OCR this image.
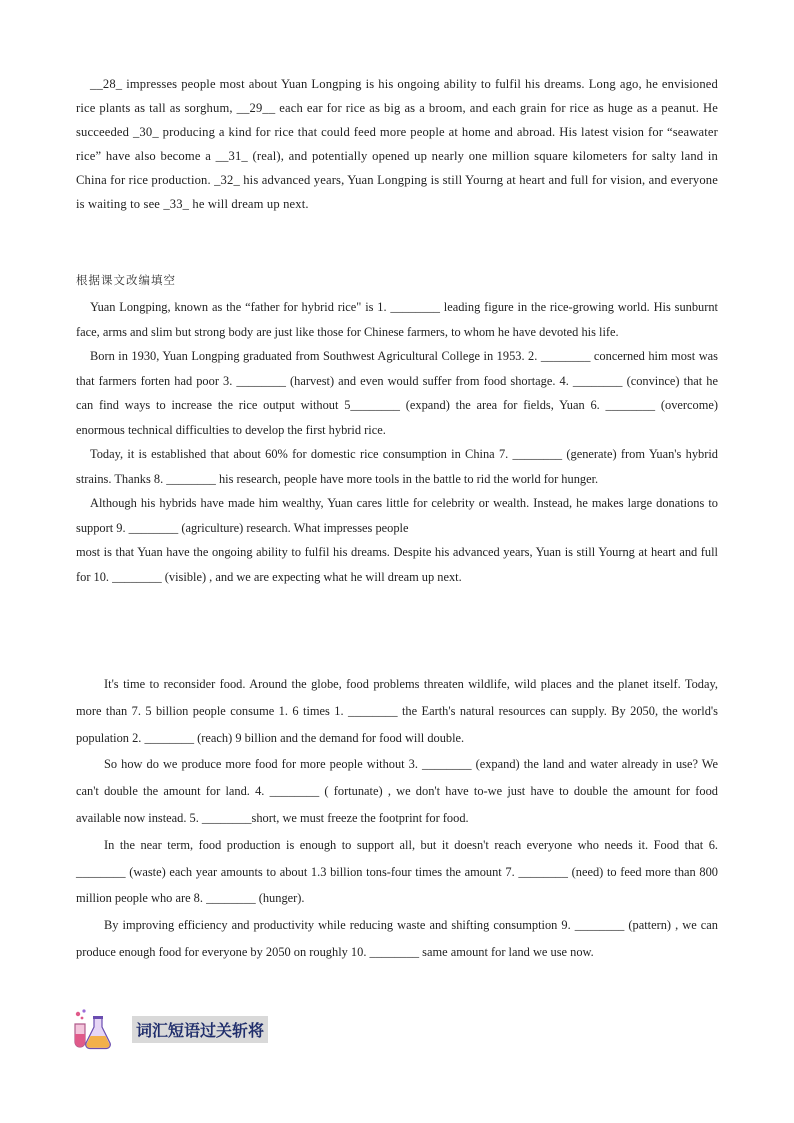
__28_ impresses people most about Yuan Longping is his ongoing ability to fulfil his dreams. Long ago, he envisioned rice plants as tall as sorghum, __29__ each ear for rice as big as a broom, and each grain for rice as huge as a peanut. He succeeded _30_ producing a kind for rice that could feed more people at home and abroad. His latest vision for “seawater rice” have also become a __31_ (real), and potentially opened up nearly one million square kilometers for salty land in China for rice production. _32_ his advanced years, Yuan Longping is still Yourng at heart and full for vision, and everyone is waiting to see _33_ he will dream up next.

根据课文改编填空

Yuan Longping, known as the “father for hybrid rice" is 1. ________ leading figure in the rice-growing world. His sunburnt face, arms and slim but strong body are just like those for Chinese farmers, to whom he have devoted his life.

Born in 1930, Yuan Longping graduated from Southwest Agricultural College in 1953. 2. ________ concerned him most was that farmers forten had poor 3. ________ (harvest) and even would suffer from food shortage. 4. ________ (convince) that he can find ways to increase the rice output without 5________ (expand) the area for fields, Yuan 6. ________ (overcome) enormous technical difficulties to develop the first hybrid rice.

Today, it is established that about 60% for domestic rice consumption in China 7. ________ (generate) from Yuan's hybrid strains. Thanks 8. ________ his research, people have more tools in the battle to rid the world for hunger.

Although his hybrids have made him wealthy, Yuan cares little for celebrity or wealth. Instead, he makes large donations to support 9. ________ (agriculture) research. What impresses people

most is that Yuan have the ongoing ability to fulfil his dreams. Despite his advanced years, Yuan is still Yourng at heart and full for 10. ________ (visible) , and we are expecting what he will dream up next.

It's time to reconsider food. Around the globe, food problems threaten wildlife, wild places and the planet itself. Today, more than 7. 5 billion people consume 1. 6 times 1. ________ the Earth's natural resources can supply. By 2050, the world's population 2. ________ (reach) 9 billion and the demand for food will double.

So how do we produce more food for more people without 3. ________ (expand) the land and water already in use? We can't double the amount for land. 4. ________ ( fortunate) , we don't have to-we just have to double the amount for food available now instead. 5. ________short, we must freeze the footprint for food.

In the near term, food production is enough to support all, but it doesn't reach everyone who needs it. Food that 6. ________ (waste) each year amounts to about 1.3 billion tons-four times the amount 7. ________ (need) to feed more than 800 million people who are 8. ________ (hunger).

By improving efficiency and productivity while reducing waste and shifting consumption 9. ________ (pattern) , we can produce enough food for everyone by 2050 on roughly 10. ________ same amount for land we use now.

词汇短语过关斩将
